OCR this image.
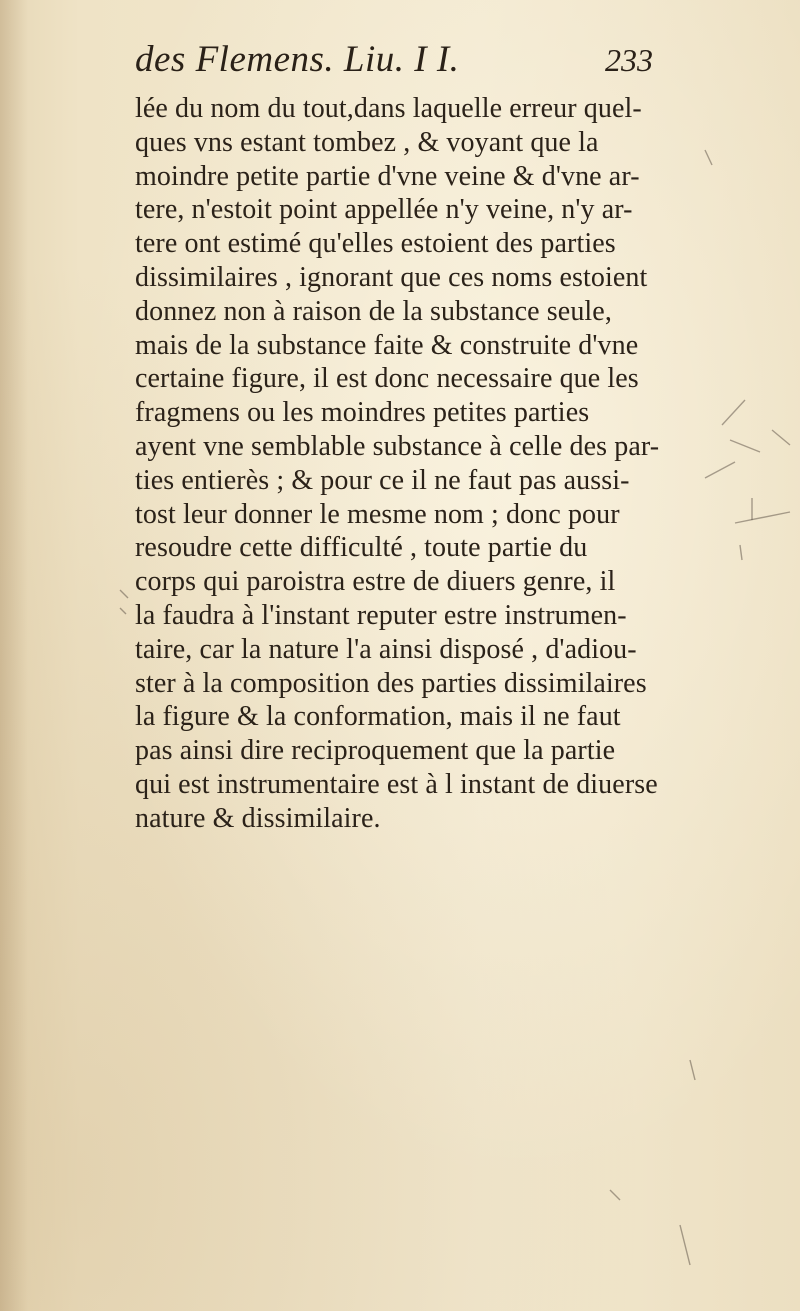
des Flemens. Liu. I I.	233
lée du nom du tout,dans laquelle erreur quel-
ques vns estant tombez , & voyant que la
moindre petite partie d'vne veine & d'vne ar-
tere, n'estoit point appellée n'y veine, n'y ar-
tere ont estimé qu'elles estoient des parties
dissimilaires , ignorant que ces noms estoient
donnez non à raison de la substance seule,
mais de la substance faite & construite d'vne
certaine figure, il est donc necessaire que les
fragmens ou les moindres petites parties
ayent vne semblable substance à celle des par-
ties entierès ; & pour ce il ne faut pas aussi-
tost leur donner le mesme nom ; donc pour
resoudre cette difficulté , toute partie du
corps qui paroistra estre de diuers genre, il
la faudra à l'instant reputer estre instrumen-
taire, car la nature l'a ainsi disposé , d'adiou-
ster à la composition des parties dissimilaires
la figure & la conformation, mais il ne faut
pas ainsi dire reciproquement que la partie
qui est instrumentaire est à l instant de diuerse
nature & dissimilaire.
